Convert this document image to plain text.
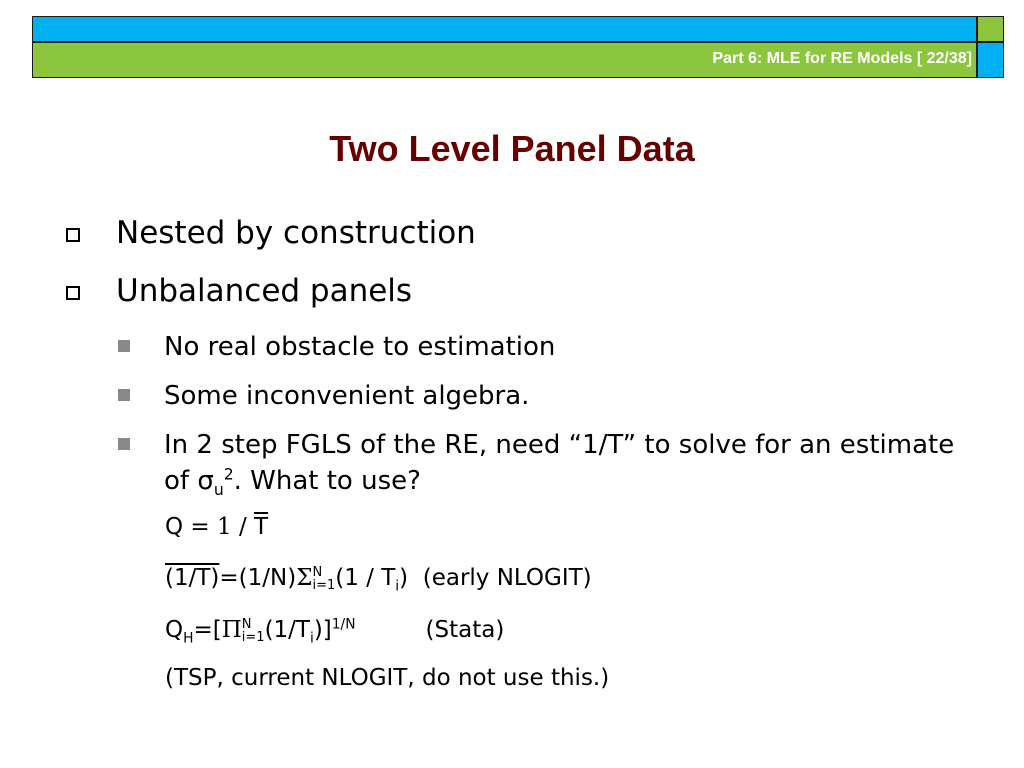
Part 6: MLE for RE Models [ 22/38]
Two Level Panel Data
Nested by construction
Unbalanced panels
No real obstacle to estimation
Some inconvenient algebra.
In 2 step FGLS of the RE, need “1/T” to solve for an estimate of $\sigma_u^2$. What to use?
$Q = 1 / \overline{T}$
(1/T)=(1/N)Σ N
i=1 $(1 / T_i)$ (early NLOGIT)
$Q_H=[\Pi$ N
i=1 $(1/T_i)]^{1/N}$	(Stata)
(TSP, current NLOGIT, do not use this.)
